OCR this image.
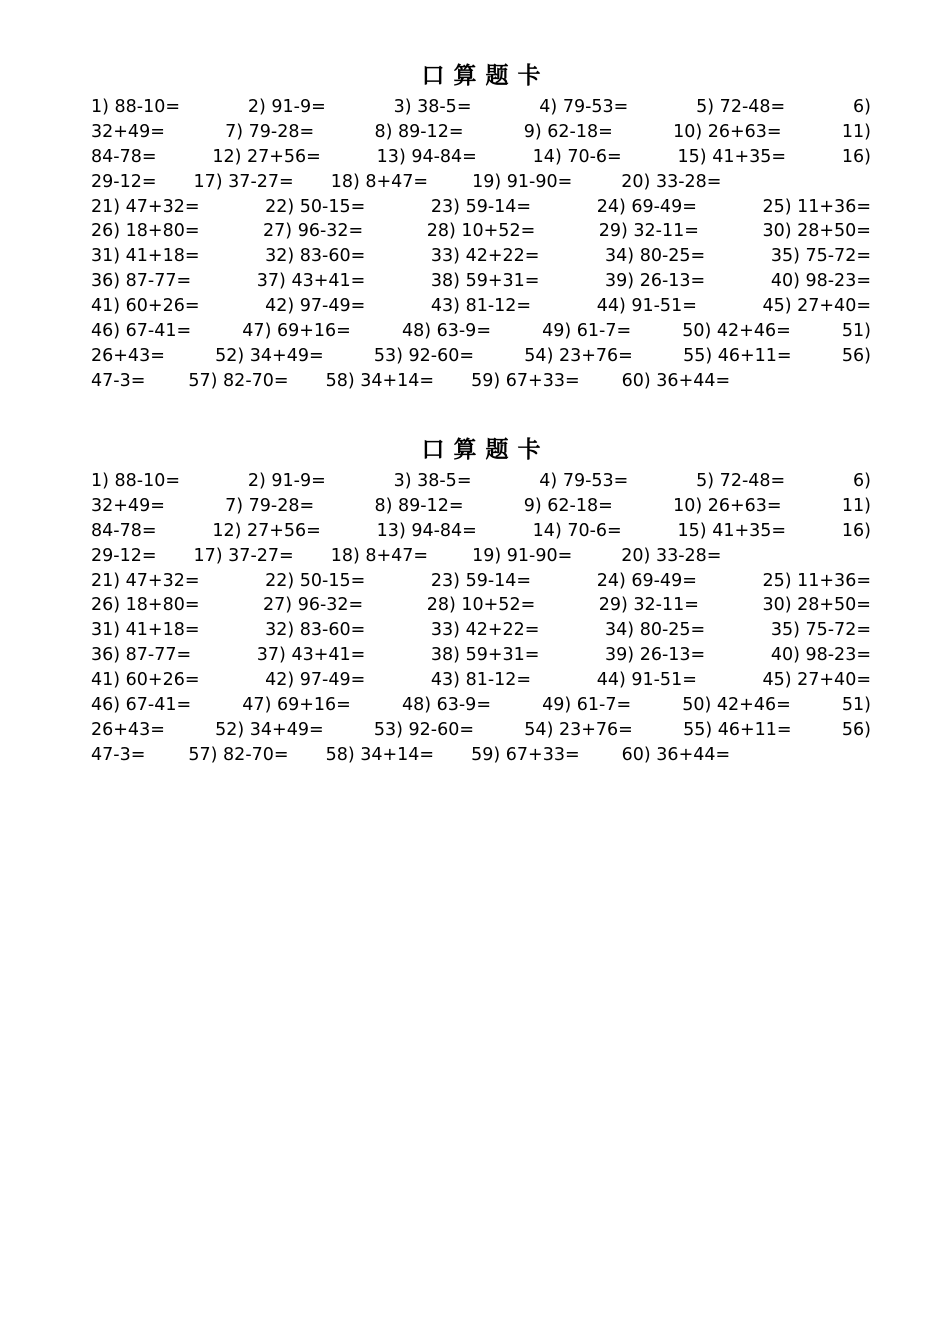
口算题卡
1) 88-10=	2) 91-9=	3) 38-5=	4) 79-53=	5) 72-48=	6)
32+49=	7) 79-28=	8) 89-12=	9) 62-18=	10) 26+63=	11)
84-78=	12) 27+56=	13) 94-84=	14) 70-6=	15) 41+35=	16)
29-12= 17) 37-27= 18) 8+47=	19) 91-90=	20) 33-28=
21) 47+32=	22) 50-15=	23) 59-14=	24) 69-49=	25) 11+36=
26) 18+80=	27) 96-32=	28) 10+52=	29) 32-11=	30) 28+50=
31) 41+18=	32) 83-60=	33) 42+22=	34) 80-25=	35) 75-72=
36) 87-77=	37) 43+41=	38) 59+31=	39) 26-13=	40) 98-23=
41) 60+26=	42) 97-49=	43) 81-12=	44) 91-51=	45) 27+40=
46) 67-41=	47) 69+16=	48) 63-9=	49) 61-7=	50) 42+46=	51)
26+43=	52) 34+49=	53) 92-60=	54) 23+76=	55) 46+11=	56)
47-3= 57) 82-70= 58) 34+14= 59) 67+33= 60) 36+44=
口算题卡
1) 88-10=	2) 91-9=	3) 38-5=	4) 79-53=	5) 72-48=	6)
32+49=	7) 79-28=	8) 89-12=	9) 62-18=	10) 26+63=	11)
84-78=	12) 27+56=	13) 94-84=	14) 70-6=	15) 41+35=	16)
29-12= 17) 37-27= 18) 8+47=	19) 91-90=	20) 33-28=
21) 47+32=	22) 50-15=	23) 59-14=	24) 69-49=	25) 11+36=
26) 18+80=	27) 96-32=	28) 10+52=	29) 32-11=	30) 28+50=
31) 41+18=	32) 83-60=	33) 42+22=	34) 80-25=	35) 75-72=
36) 87-77=	37) 43+41=	38) 59+31=	39) 26-13=	40) 98-23=
41) 60+26=	42) 97-49=	43) 81-12=	44) 91-51=	45) 27+40=
46) 67-41=	47) 69+16=	48) 63-9=	49) 61-7=	50) 42+46=	51)
26+43=	52) 34+49=	53) 92-60=	54) 23+76=	55) 46+11=	56)
47-3= 57) 82-70= 58) 34+14= 59) 67+33= 60) 36+44=
